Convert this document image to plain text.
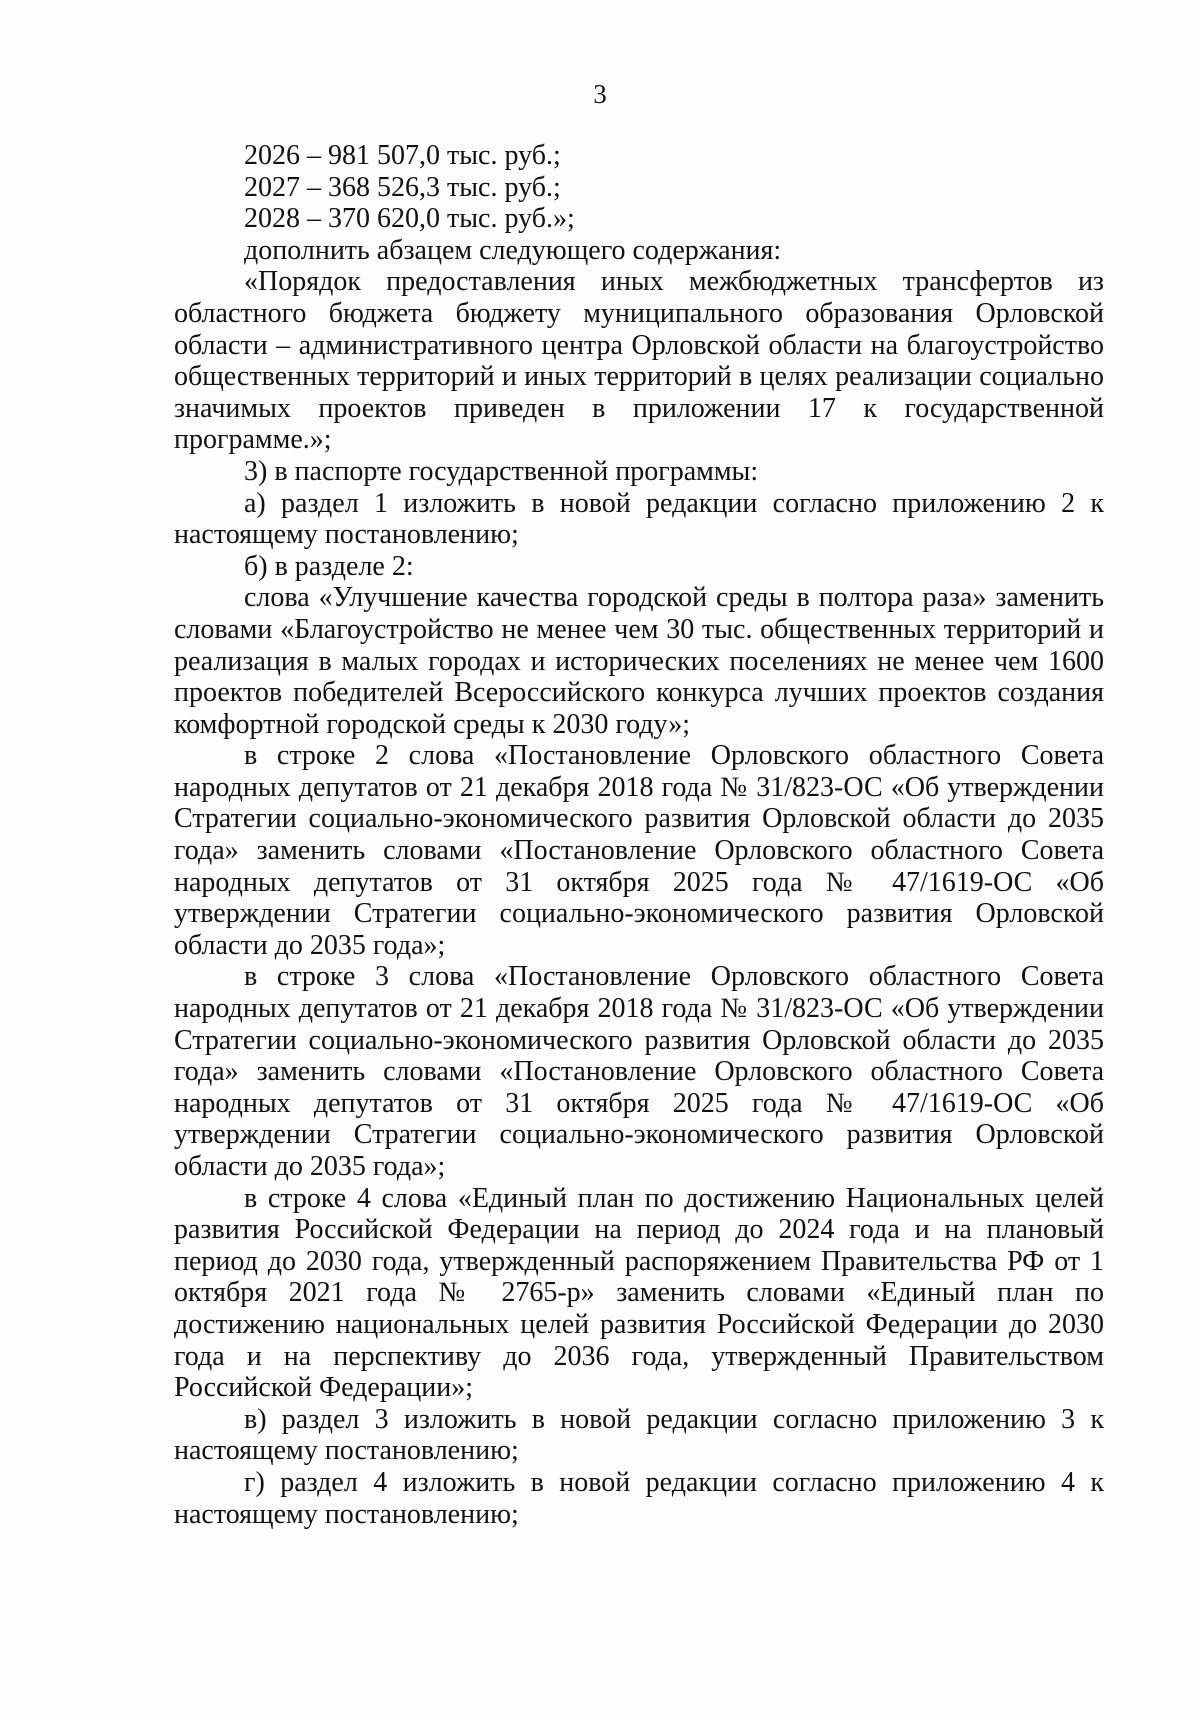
3

2026 – 981 507,0 тыс. руб.;

2027 – 368 526,3 тыс. руб.;

2028 – 370 620,0 тыс. руб.»;

дополнить абзацем следующего содержания:

«Порядок предоставления иных межбюджетных трансфертов из областного бюджета бюджету муниципального образования Орловской области – административного центра Орловской области на благоустройство общественных территорий и иных территорий в целях реализации социально значимых проектов приведен в приложении 17 к государственной программе.»;

3) в паспорте государственной программы:

а) раздел 1 изложить в новой редакции согласно приложению 2 к настоящему постановлению;

б) в разделе 2:

слова «Улучшение качества городской среды в полтора раза» заменить словами «Благоустройство не менее чем 30 тыс. общественных территорий и реализация в малых городах и исторических поселениях не менее чем 1600 проектов победителей Всероссийского конкурса лучших проектов создания комфортной городской среды к 2030 году»;

в строке 2 слова «Постановление Орловского областного Совета народных депутатов от 21 декабря 2018 года № 31/823-ОС «Об утверждении Стратегии социально-экономического развития Орловской области до 2035 года» заменить словами «Постановление Орловского областного Совета народных депутатов от 31 октября 2025 года № 47/1619-ОС «Об утверждении Стратегии социально-экономического развития Орловской области до 2035 года»;

в строке 3 слова «Постановление Орловского областного Совета народных депутатов от 21 декабря 2018 года № 31/823-ОС «Об утверждении Стратегии социально-экономического развития Орловской области до 2035 года» заменить словами «Постановление Орловского областного Совета народных депутатов от 31 октября 2025 года № 47/1619-ОС «Об утверждении Стратегии социально-экономического развития Орловской области до 2035 года»;

в строке 4 слова «Единый план по достижению Национальных целей развития Российской Федерации на период до 2024 года и на плановый период до 2030 года, утвержденный распоряжением Правительства РФ от 1 октября 2021 года № 2765-р» заменить словами «Единый план по достижению национальных целей развития Российской Федерации до 2030 года и на перспективу до 2036 года, утвержденный Правительством Российской Федерации»;

в) раздел 3 изложить в новой редакции согласно приложению 3 к настоящему постановлению;

г) раздел 4 изложить в новой редакции согласно приложению 4 к настоящему постановлению;
